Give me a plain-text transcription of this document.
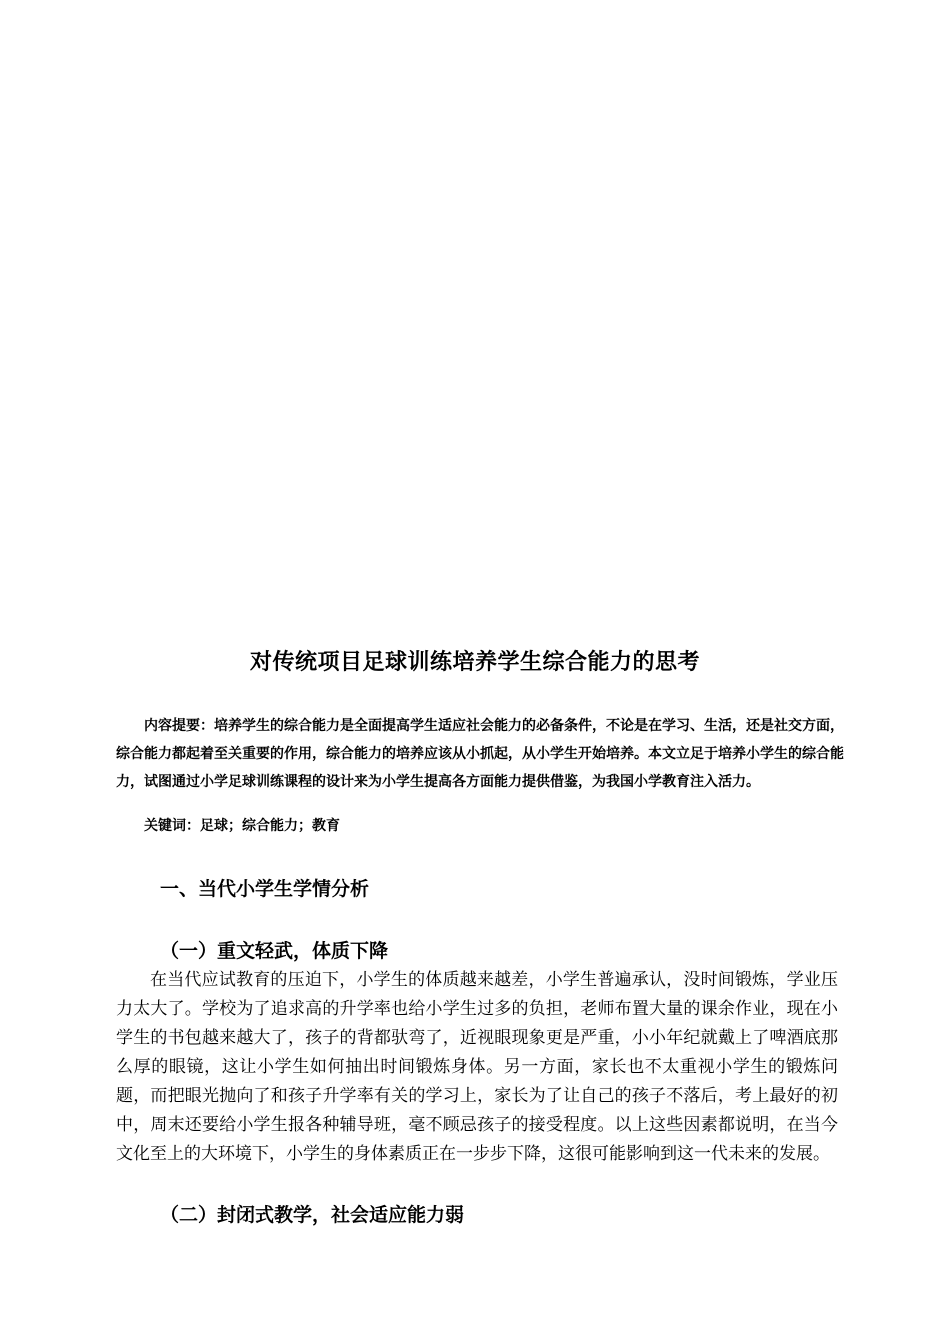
对传统项目足球训练培养学生综合能力的思考
内容提要：培养学生的综合能力是全面提高学生适应社会能力的必备条件，不论是在学习、生活，还是社交方面，综合能力都起着至关重要的作用，综合能力的培养应该从小抓起，从小学生开始培养。本文立足于培养小学生的综合能力，试图通过小学足球训练课程的设计来为小学生提高各方面能力提供借鉴，为我国小学教育注入活力。
关键词：足球；综合能力；教育
一、当代小学生学情分析
（一）重文轻武，体质下降
在当代应试教育的压迫下，小学生的体质越来越差，小学生普遍承认，没时间锻炼，学业压力太大了。学校为了追求高的升学率也给小学生过多的负担，老师布置大量的课余作业，现在小学生的书包越来越大了，孩子的背都驮弯了，近视眼现象更是严重，小小年纪就戴上了啤酒底那么厚的眼镜，这让小学生如何抽出时间锻炼身体。另一方面，家长也不太重视小学生的锻炼问题，而把眼光抛向了和孩子升学率有关的学习上，家长为了让自己的孩子不落后，考上最好的初中，周末还要给小学生报各种辅导班，毫不顾忌孩子的接受程度。以上这些因素都说明，在当今文化至上的大环境下，小学生的身体素质正在一步步下降，这很可能影响到这一代未来的发展。
（二）封闭式教学，社会适应能力弱
